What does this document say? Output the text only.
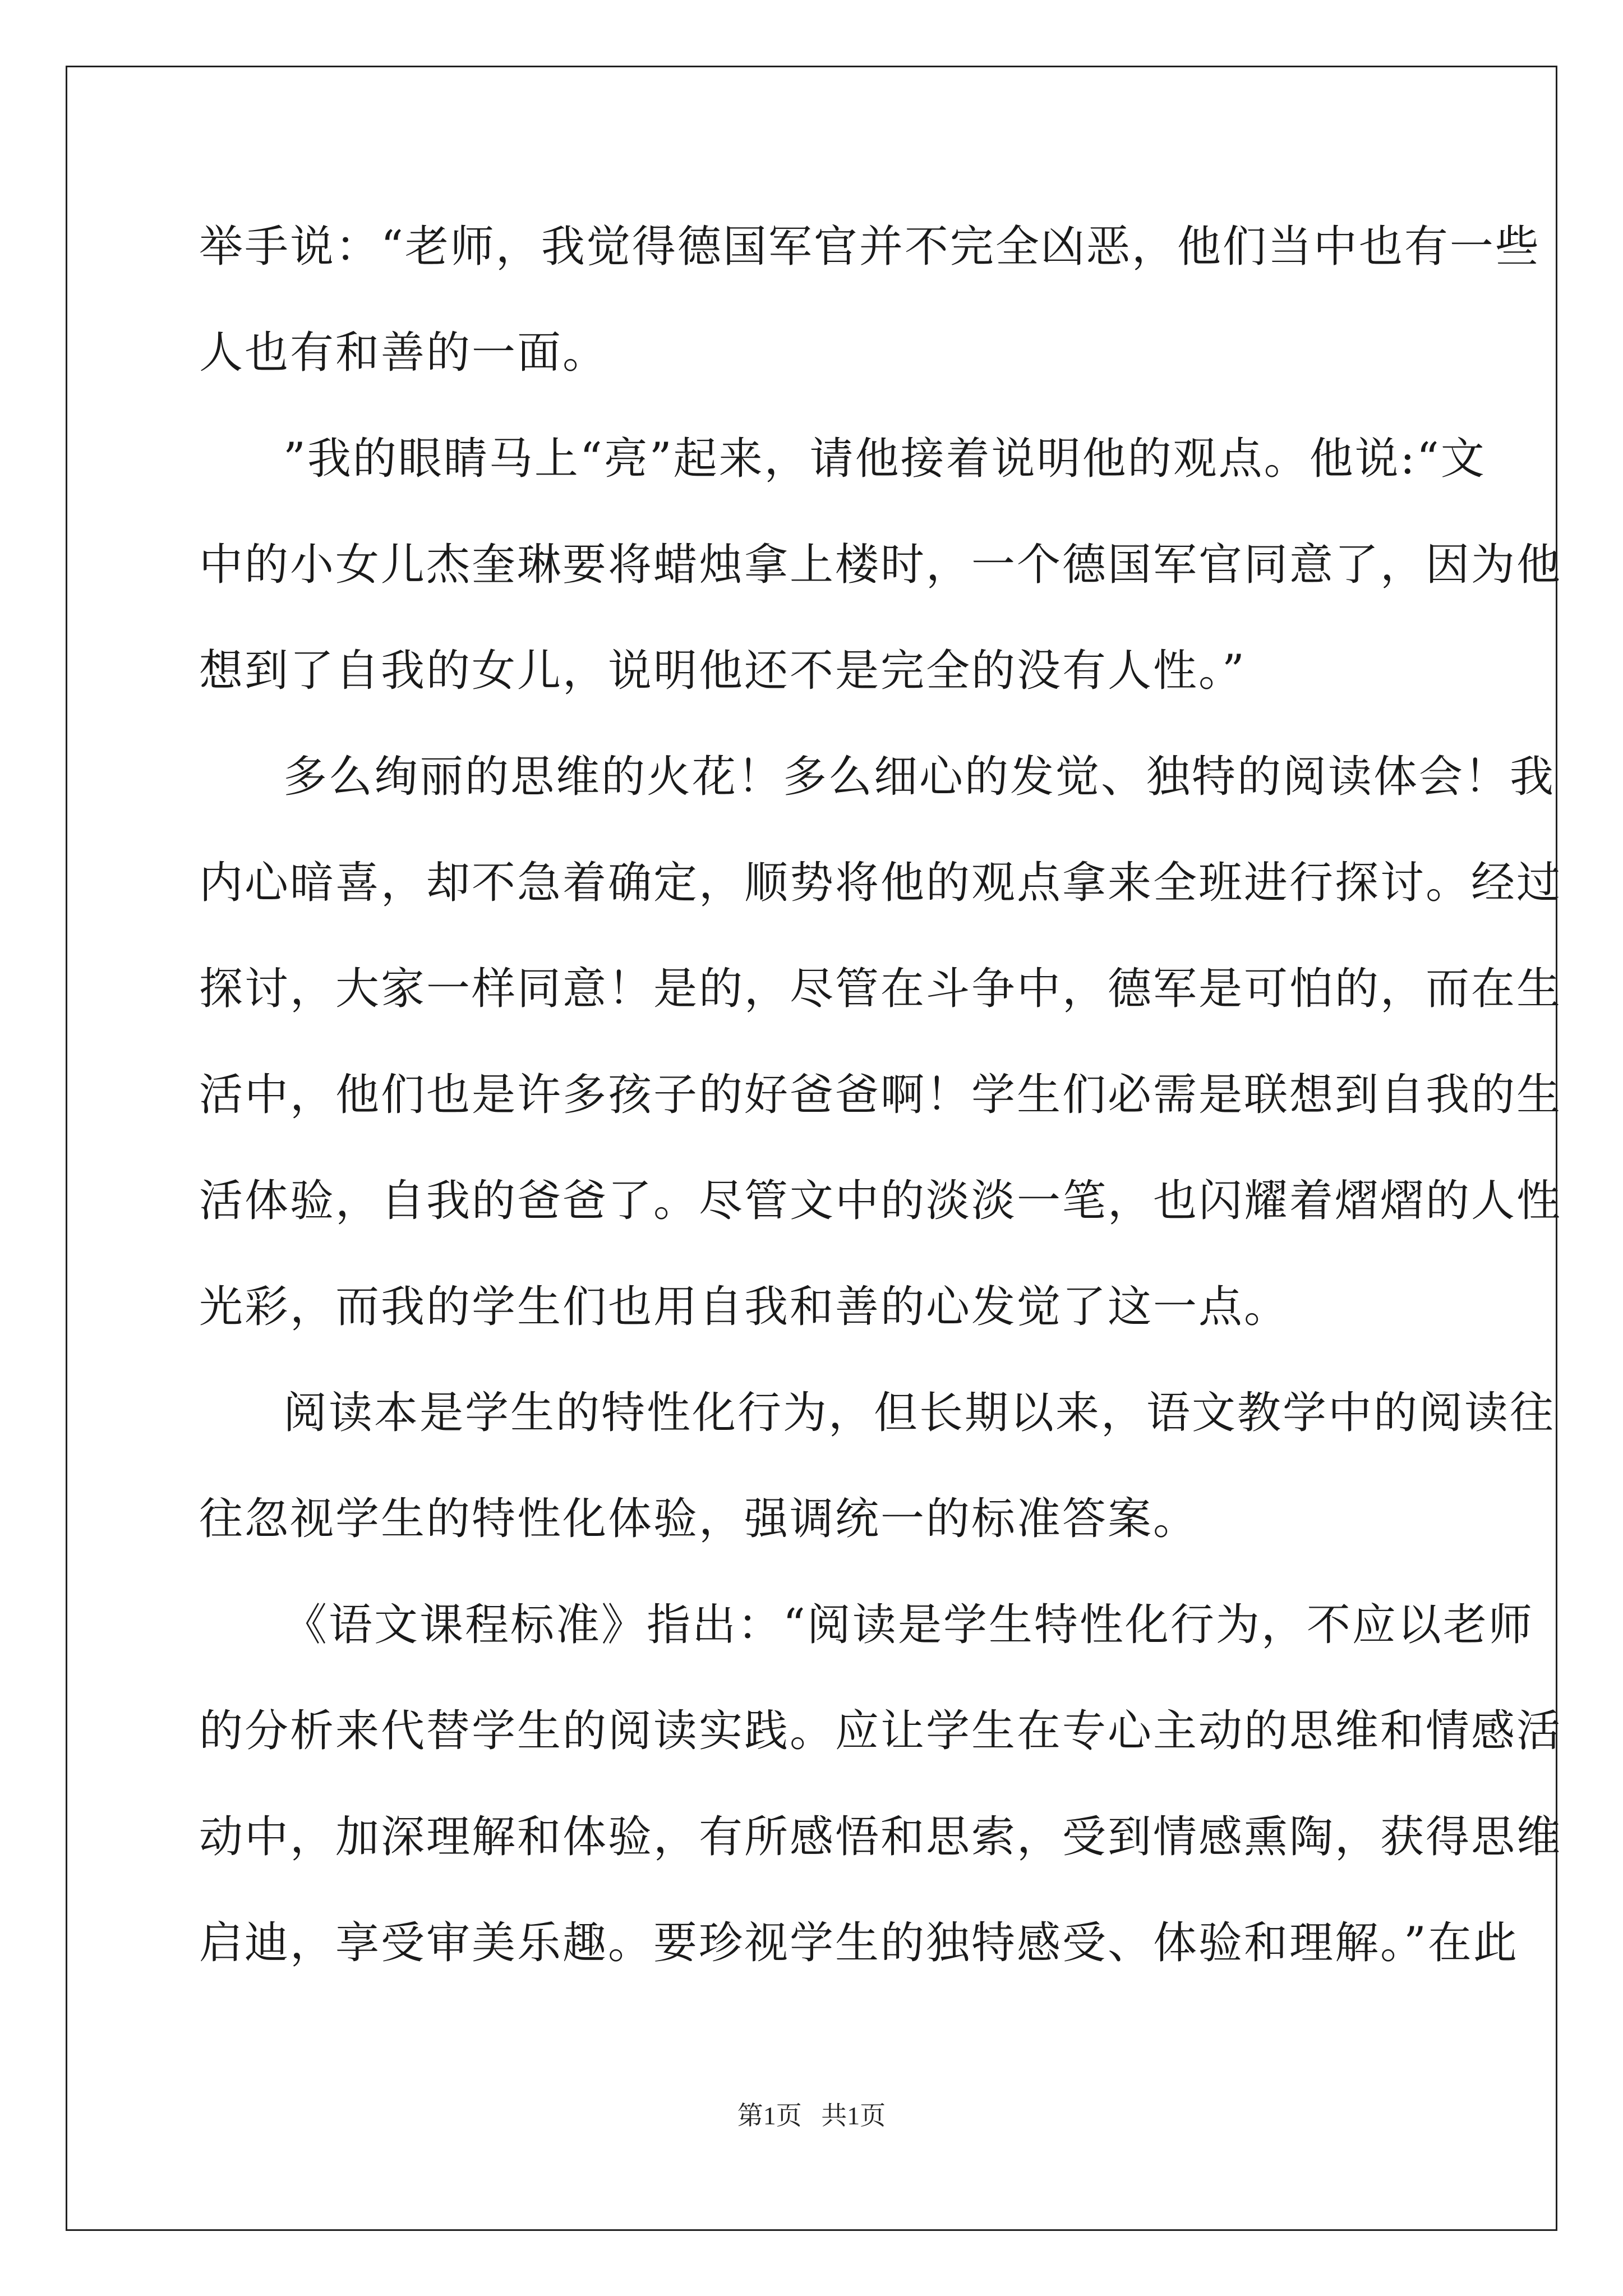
举手说：“老师，我觉得德国军官并不完全凶恶，他们当中也有一些
人也有和善的一面。
”我的眼睛马上“亮”起来，请他接着说明他的观点。他说:“文
中的小女儿杰奎琳要将蜡烛拿上楼时，一个德国军官同意了，因为他
想到了自我的女儿，说明他还不是完全的没有人性。”
多么绚丽的思维的火花！多么细心的发觉、独特的阅读体会！我
内心暗喜，却不急着确定，顺势将他的观点拿来全班进行探讨。经过
探讨，大家一样同意！是的，尽管在斗争中，德军是可怕的，而在生
活中，他们也是许多孩子的好爸爸啊！学生们必需是联想到自我的生
活体验，自我的爸爸了。尽管文中的淡淡一笔，也闪耀着熠熠的人性
光彩，而我的学生们也用自我和善的心发觉了这一点。
阅读本是学生的特性化行为，但长期以来，语文教学中的阅读往
往忽视学生的特性化体验，强调统一的标准答案。
《语文课程标准》指出：“阅读是学生特性化行为，不应以老师
的分析来代替学生的阅读实践。应让学生在专心主动的思维和情感活
动中，加深理解和体验，有所感悟和思索，受到情感熏陶，获得思维
启迪，享受审美乐趣。要珍视学生的独特感受、体验和理解。”在此
第1页 共1页
